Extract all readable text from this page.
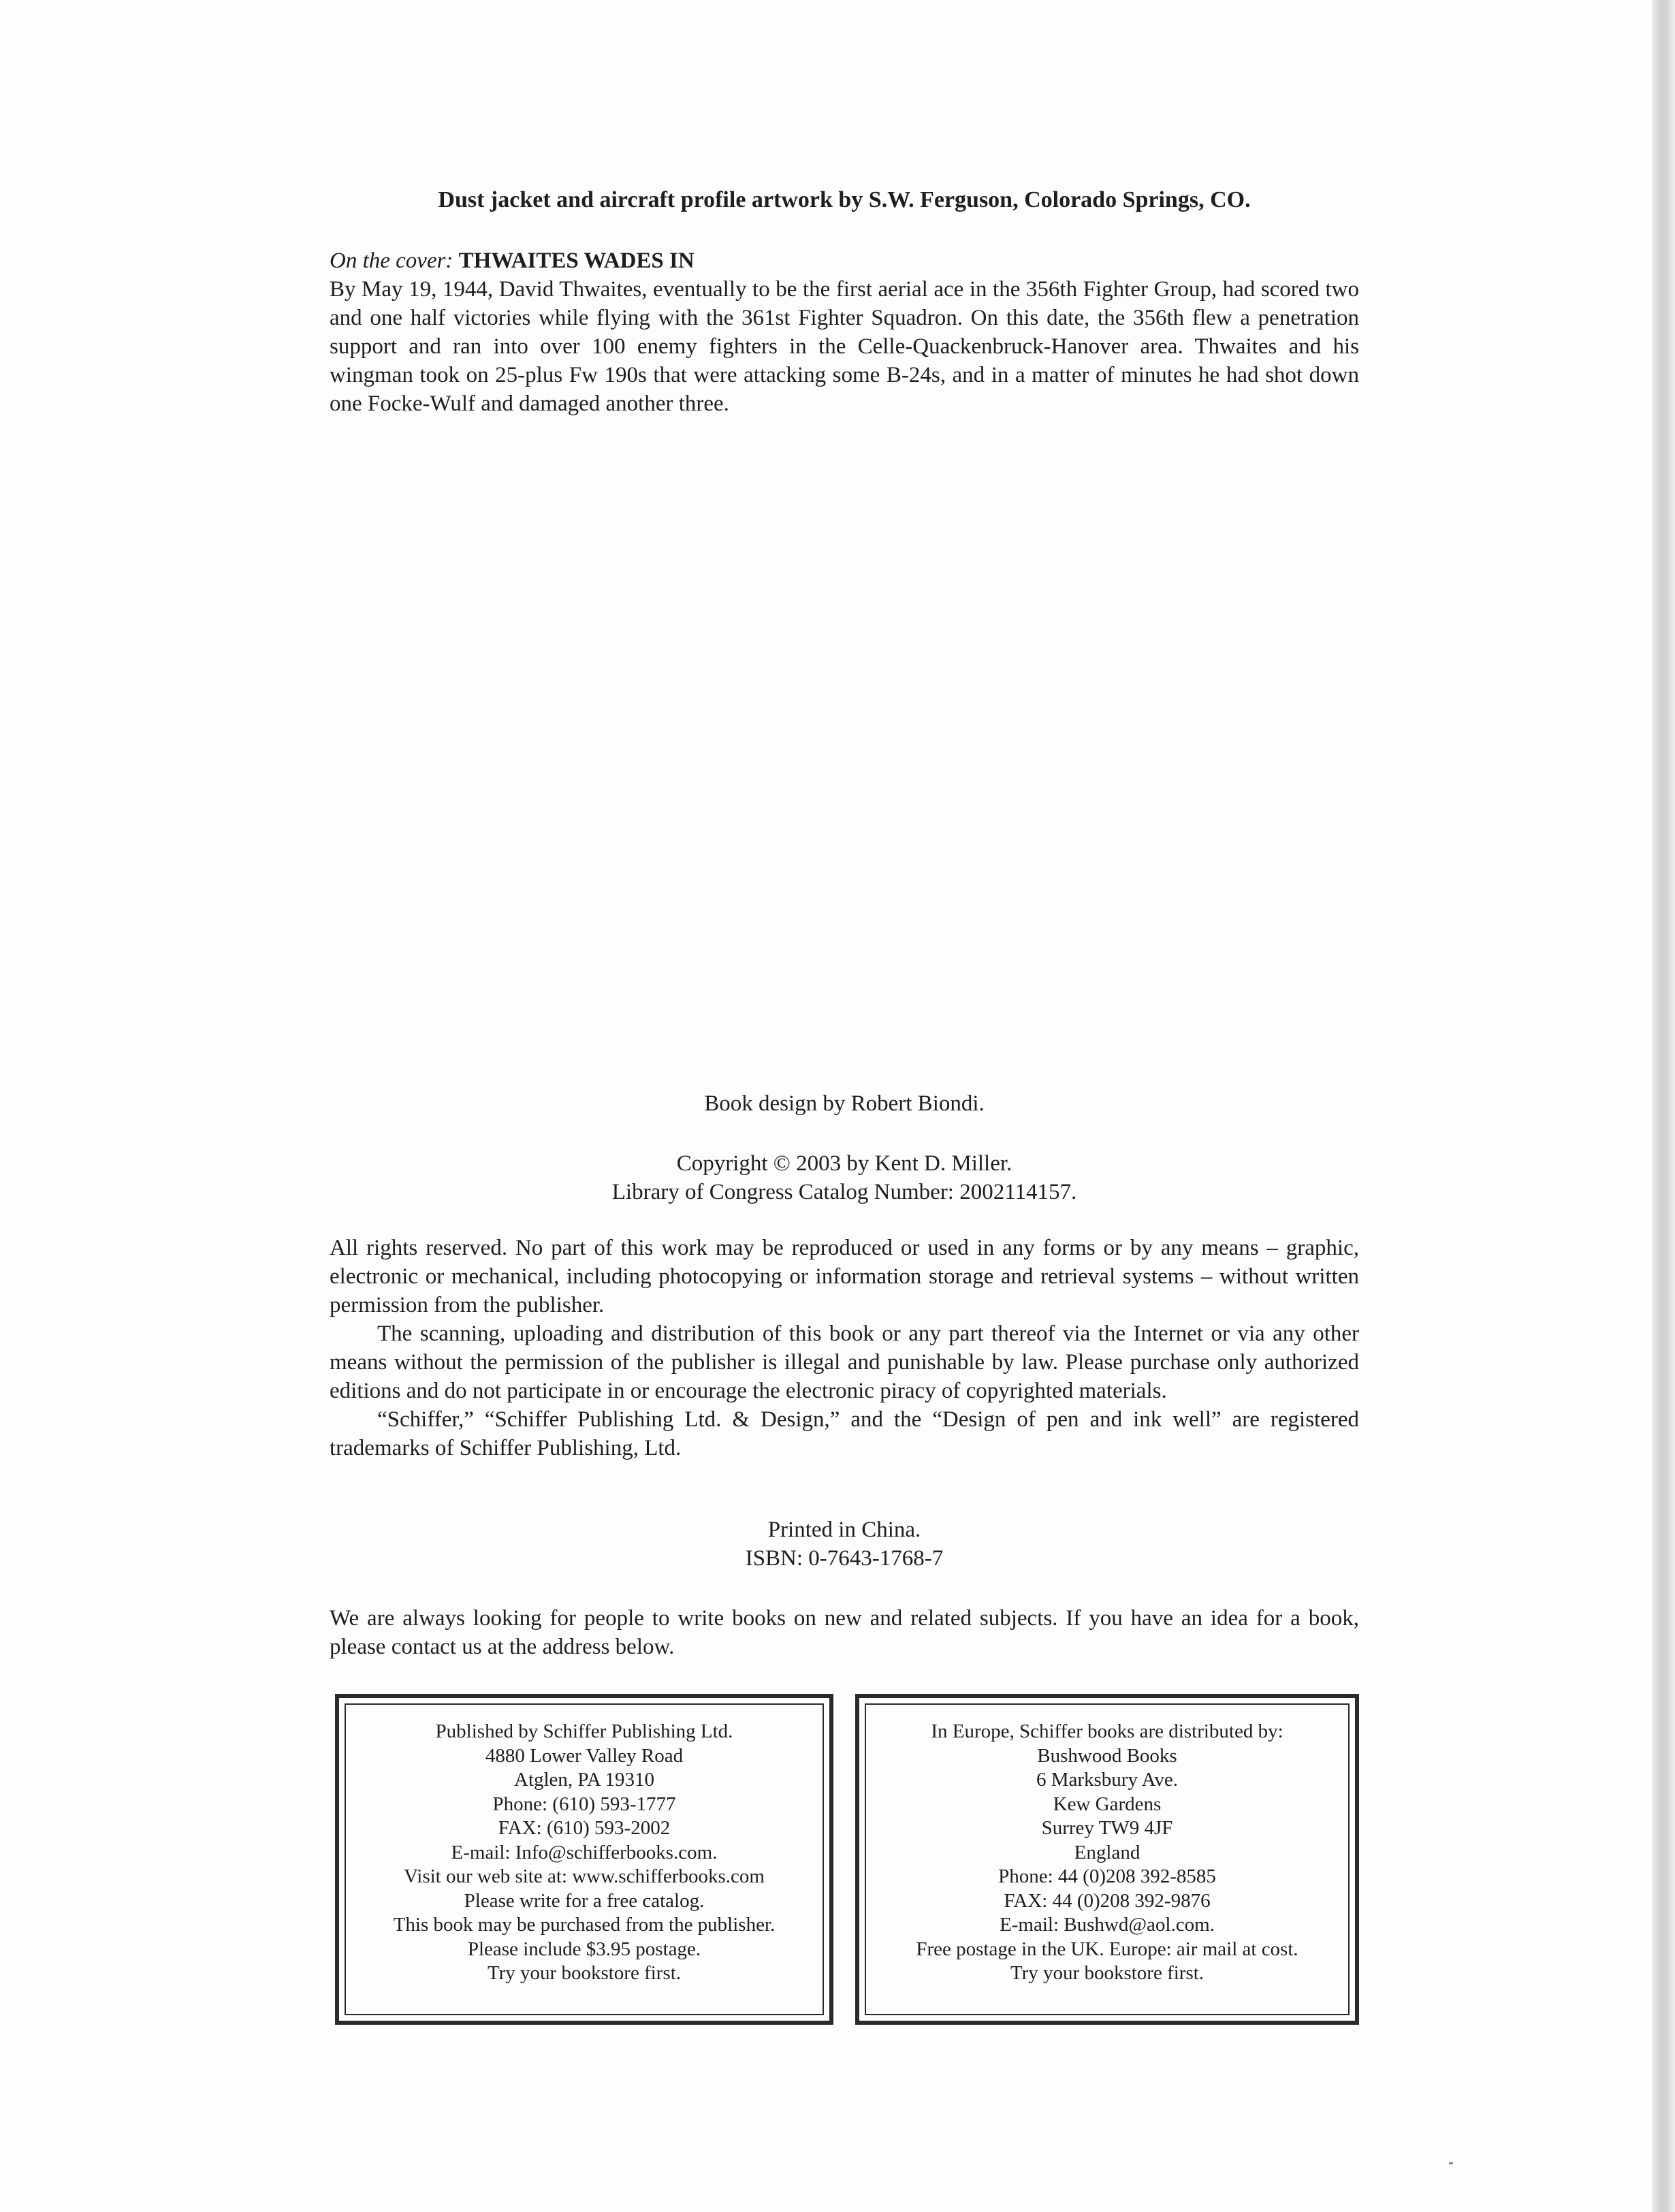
Dust jacket and aircraft profile artwork by S.W. Ferguson, Colorado Springs, CO.

On the cover: THWAITES WADES IN

By May 19, 1944, David Thwaites, eventually to be the first aerial ace in the 356th Fighter Group, had scored two and one half victories while flying with the 361st Fighter Squadron. On this date, the 356th flew a penetration support and ran into over 100 enemy fighters in the Celle-Quackenbruck-Hanover area. Thwaites and his wingman took on 25-plus Fw 190s that were attacking some B-24s, and in a matter of minutes he had shot down one Focke-Wulf and damaged another three.

Book design by Robert Biondi.
Copyright © 2003 by Kent D. Miller.
Library of Congress Catalog Number: 2002114157.

All rights reserved. No part of this work may be reproduced or used in any forms or by any means – graphic, electronic or mechanical, including photocopying or information storage and retrieval systems – without written permission from the publisher.

The scanning, uploading and distribution of this book or any part thereof via the Internet or via any other means without the permission of the publisher is illegal and punishable by law. Please purchase only authorized editions and do not participate in or encourage the electronic piracy of copyrighted materials.

“Schiffer,” “Schiffer Publishing Ltd. & Design,” and the “Design of pen and ink well” are registered trademarks of Schiffer Publishing, Ltd.

Printed in China.
ISBN: 0-7643-1768-7

We are always looking for people to write books on new and related subjects. If you have an idea for a book, please contact us at the address below.

Published by Schiffer Publishing Ltd.
4880 Lower Valley Road
Atglen, PA 19310
Phone: (610) 593-1777
FAX: (610) 593-2002
E-mail: Info@schifferbooks.com.
Visit our web site at: www.schifferbooks.com
Please write for a free catalog.
This book may be purchased from the publisher.
Please include $3.95 postage.
Try your bookstore first.
In Europe, Schiffer books are distributed by:
Bushwood Books
6 Marksbury Ave.
Kew Gardens
Surrey TW9 4JF
England
Phone: 44 (0)208 392-8585
FAX: 44 (0)208 392-9876
E-mail: Bushwd@aol.com.
Free postage in the UK. Europe: air mail at cost.
Try your bookstore first.
